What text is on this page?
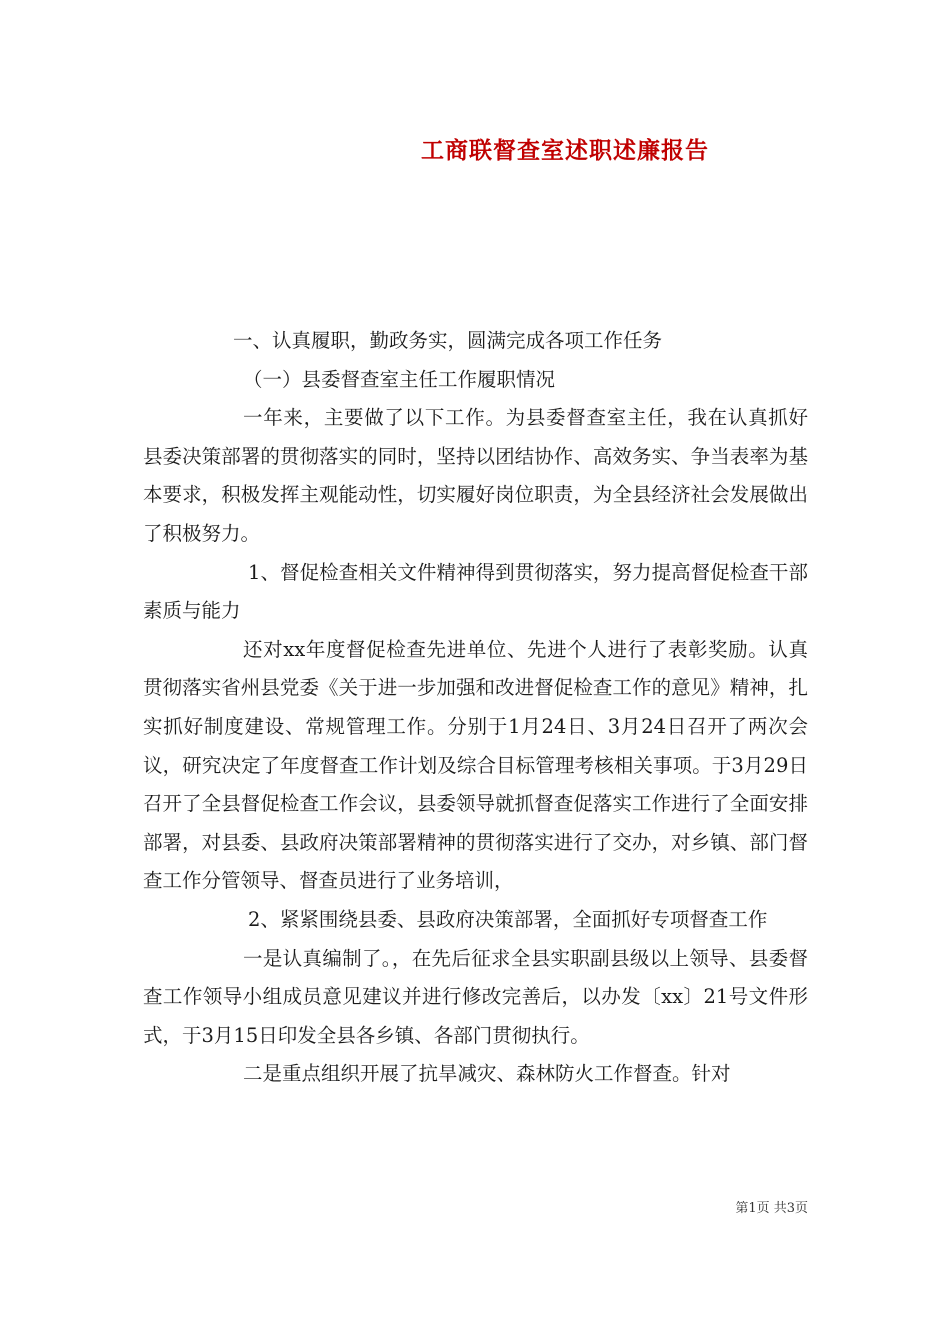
工商联督查室述职述廉报告

一、认真履职，勤政务实，圆满完成各项工作任务

（一）县委督查室主任工作履职情况

一年来，主要做了以下工作。为县委督查室主任，我在认真抓好县委决策部署的贯彻落实的同时，坚持以团结协作、高效务实、争当表率为基本要求，积极发挥主观能动性，切实履好岗位职责，为全县经济社会发展做出了积极努力。

1、督促检查相关文件精神得到贯彻落实，努力提高督促检查干部素质与能力

还对xx年度督促检查先进单位、先进个人进行了表彰奖励。认真贯彻落实省州县党委《关于进一步加强和改进督促检查工作的意见》精神，扎实抓好制度建设、常规管理工作。分别于1月24日、3月24日召开了两次会议，研究决定了年度督查工作计划及综合目标管理考核相关事项。于3月29日召开了全县督促检查工作会议，县委领导就抓督查促落实工作进行了全面安排部署，对县委、县政府决策部署精神的贯彻落实进行了交办，对乡镇、部门督查工作分管领导、督查员进行了业务培训，

2、紧紧围绕县委、县政府决策部署，全面抓好专项督查工作

一是认真编制了。，在先后征求全县实职副县级以上领导、县委督查工作领导小组成员意见建议并进行修改完善后，以办发〔xx〕21号文件形式，于3月15日印发全县各乡镇、各部门贯彻执行。

二是重点组织开展了抗旱减灾、森林防火工作督查。针对

第1页 共3页
